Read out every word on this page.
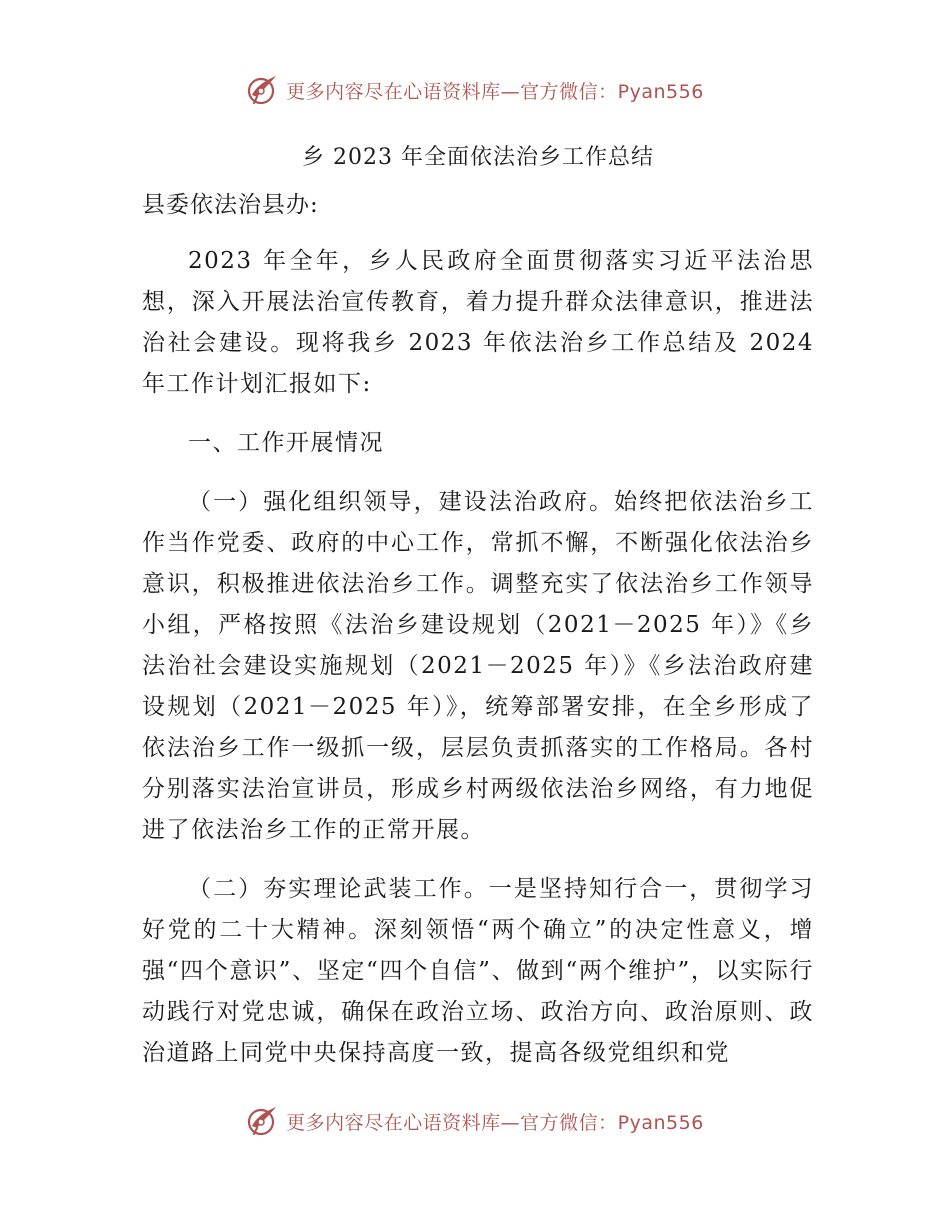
更多内容尽在心语资料库—官方微信：Pyan556
乡 2023 年全面依法治乡工作总结
县委依法治县办:

2023 年全年，乡人民政府全面贯彻落实习近平法治思想，深入开展法治宣传教育，着力提升群众法律意识，推进法治社会建设。现将我乡 2023 年依法治乡工作总结及 2024 年工作计划汇报如下:

一、工作开展情况

（一）强化组织领导，建设法治政府。始终把依法治乡工作当作党委、政府的中心工作，常抓不懈，不断强化依法治乡意识，积极推进依法治乡工作。调整充实了依法治乡工作领导小组，严格按照《法治乡建设规划（2021－2025 年）》《乡法治社会建设实施规划（2021－2025 年）》《乡法治政府建设规划（2021－2025 年）》，统筹部署安排，在全乡形成了依法治乡工作一级抓一级，层层负责抓落实的工作格局。各村分别落实法治宣讲员，形成乡村两级依法治乡网络，有力地促进了依法治乡工作的正常开展。

（二）夯实理论武装工作。一是坚持知行合一，贯彻学习好党的二十大精神。深刻领悟“两个确立”的决定性意义，增强“四个意识”、坚定“四个自信”、做到“两个维护”，以实际行动践行对党忠诚，确保在政治立场、政治方向、政治原则、政治道路上同党中央保持高度一致，提高各级党组织和党

更多内容尽在心语资料库—官方微信：Pyan556
